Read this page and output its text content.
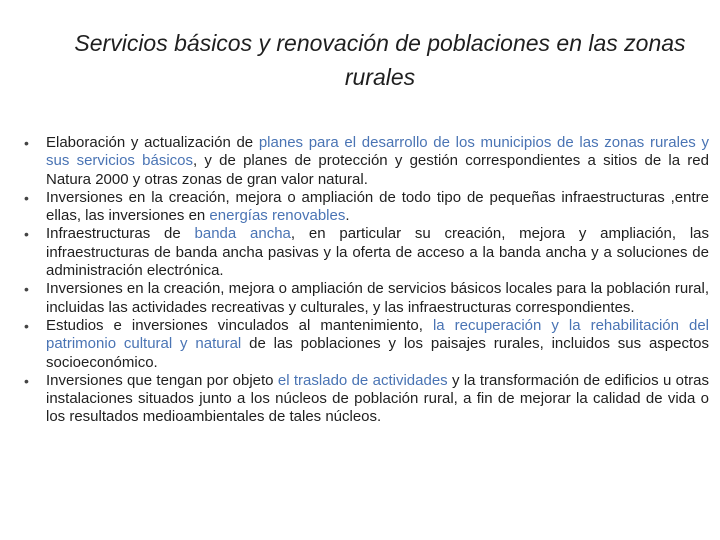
Servicios básicos y renovación de poblaciones en las zonas rurales
• Elaboración y actualización de planes para el desarrollo de los municipios de las zonas rurales y sus servicios básicos, y de planes de protección y gestión correspondientes a sitios de la red Natura 2000 y otras zonas de gran valor natural.
• Inversiones en la creación, mejora o ampliación de todo tipo de pequeñas infraestructuras ,entre ellas, las inversiones en energías renovables.
• Infraestructuras de banda ancha, en particular su creación, mejora y ampliación, las infraestructuras de banda ancha pasivas y la oferta de acceso a la banda ancha y a soluciones de administración electrónica.
• Inversiones en la creación, mejora o ampliación de servicios básicos locales para la población rural, incluidas las actividades recreativas y culturales, y las infraestructuras correspondientes.
• Estudios e inversiones vinculados al mantenimiento, la recuperación y la rehabilitación del patrimonio cultural y natural de las poblaciones y los paisajes rurales, incluidos sus aspectos socioeconómico.
• Inversiones que tengan por objeto el traslado de actividades y la transformación de edificios u otras instalaciones situados junto a los núcleos de población rural, a fin de mejorar la calidad de vida o los resultados medioambientales de tales núcleos.
